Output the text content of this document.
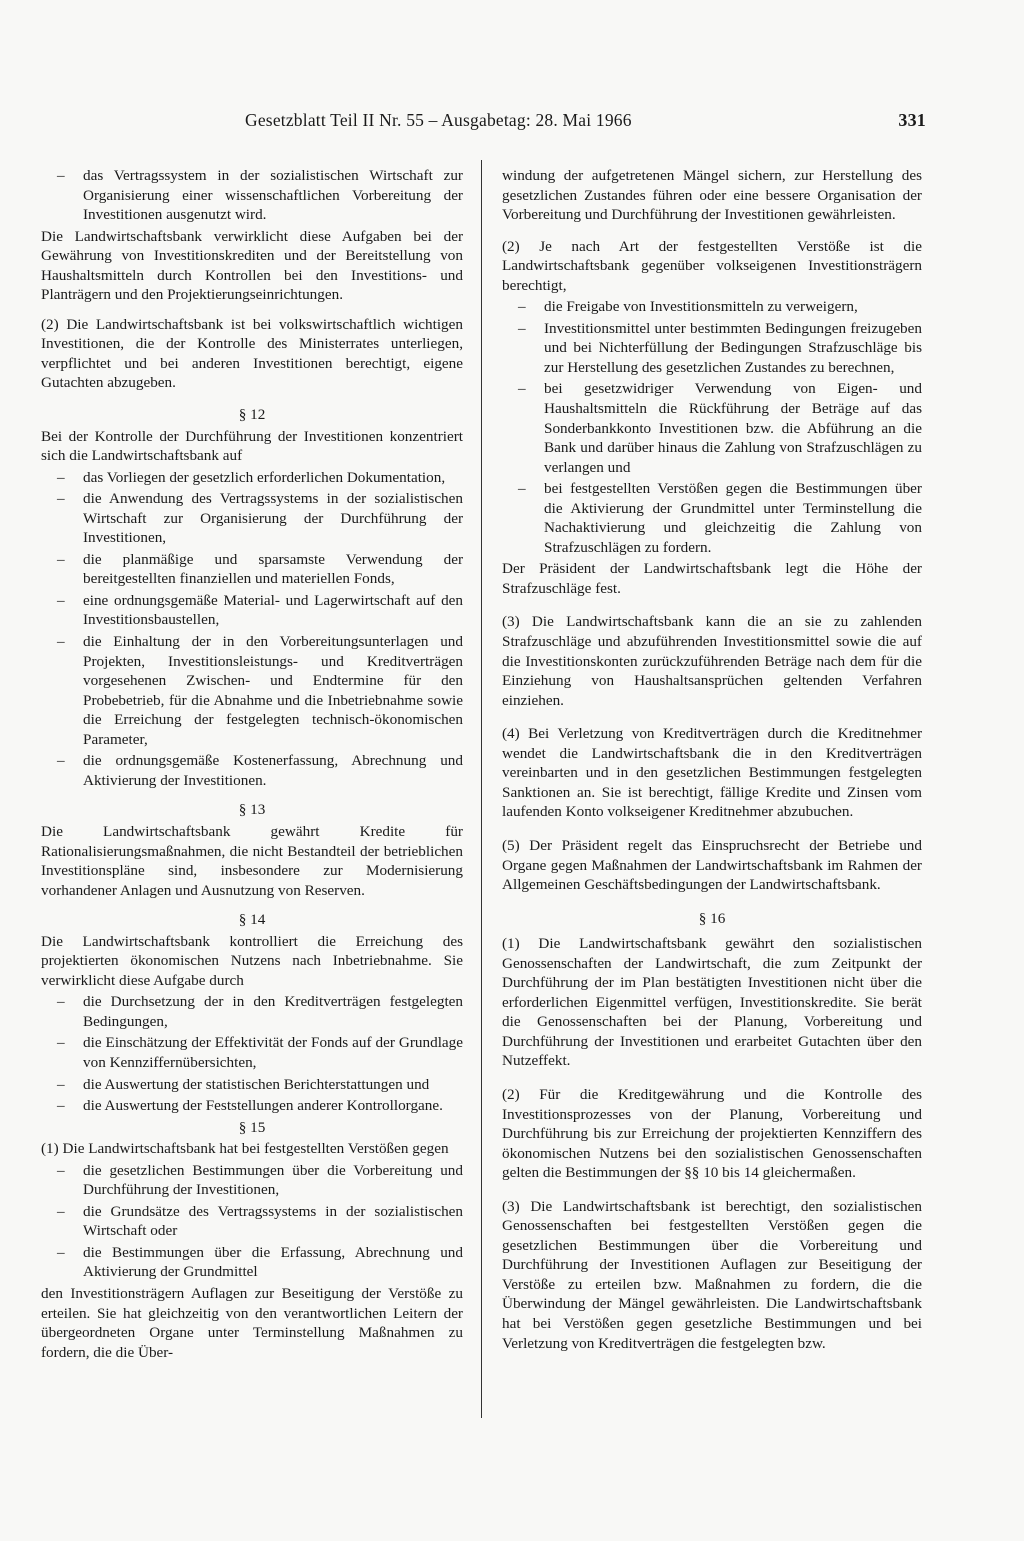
Gesetzblatt Teil II Nr. 55 – Ausgabetag: 28. Mai 1966	331
– das Vertragssystem in der sozialistischen Wirtschaft zur Organisierung einer wissenschaftlichen Vorbereitung der Investitionen ausgenutzt wird.

Die Landwirtschaftsbank verwirklicht diese Aufgaben bei der Gewährung von Investitionskrediten und der Bereitstellung von Haushaltsmitteln durch Kontrollen bei den Investitions- und Planträgern und den Projektierungseinrichtungen.

(2) Die Landwirtschaftsbank ist bei volkswirtschaftlich wichtigen Investitionen, die der Kontrolle des Ministerrates unterliegen, verpflichtet und bei anderen Investitionen berechtigt, eigene Gutachten abzugeben.

§ 12

Bei der Kontrolle der Durchführung der Investitionen konzentriert sich die Landwirtschaftsbank auf

– das Vorliegen der gesetzlich erforderlichen Dokumentation,
– die Anwendung des Vertragssystems in der sozialistischen Wirtschaft zur Organisierung der Durchführung der Investitionen,
– die planmäßige und sparsamste Verwendung der bereitgestellten finanziellen und materiellen Fonds,
– eine ordnungsgemäße Material- und Lagerwirtschaft auf den Investitionsbaustellen,
– die Einhaltung der in den Vorbereitungsunterlagen und Projekten, Investitionsleistungs- und Kreditverträgen vorgesehenen Zwischen- und Endtermine für den Probebetrieb, für die Abnahme und die Inbetriebnahme sowie die Erreichung der festgelegten technisch-ökonomischen Parameter,
– die ordnungsgemäße Kostenerfassung, Abrechnung und Aktivierung der Investitionen.
§ 13

Die Landwirtschaftsbank gewährt Kredite für Rationalisierungsmaßnahmen, die nicht Bestandteil der betrieblichen Investitionspläne sind, insbesondere zur Modernisierung vorhandener Anlagen und Ausnutzung von Reserven.

§ 14

Die Landwirtschaftsbank kontrolliert die Erreichung des projektierten ökonomischen Nutzens nach Inbetriebnahme. Sie verwirklicht diese Aufgabe durch

– die Durchsetzung der in den Kreditverträgen festgelegten Bedingungen,
– die Einschätzung der Effektivität der Fonds auf der Grundlage von Kennziffernübersichten,
– die Auswertung der statistischen Berichterstattungen und
– die Auswertung der Feststellungen anderer Kontrollorgane.
§ 15

(1) Die Landwirtschaftsbank hat bei festgestellten Verstößen gegen

– die gesetzlichen Bestimmungen über die Vorbereitung und Durchführung der Investitionen,
– die Grundsätze des Vertragssystems in der sozialistischen Wirtschaft oder
– die Bestimmungen über die Erfassung, Abrechnung und Aktivierung der Grundmittel

den Investitionsträgern Auflagen zur Beseitigung der Verstöße zu erteilen. Sie hat gleichzeitig von den verantwortlichen Leitern der übergeordneten Organe unter Terminstellung Maßnahmen zu fordern, die die Über-

windung der aufgetretenen Mängel sichern, zur Herstellung des gesetzlichen Zustandes führen oder eine bessere Organisation der Vorbereitung und Durchführung der Investitionen gewährleisten.

(2) Je nach Art der festgestellten Verstöße ist die Landwirtschaftsbank gegenüber volkseigenen Investitionsträgern berechtigt,

– die Freigabe von Investitionsmitteln zu verweigern,
– Investitionsmittel unter bestimmten Bedingungen freizugeben und bei Nichterfüllung der Bedingungen Strafzuschläge bis zur Herstellung des gesetzlichen Zustandes zu berechnen,
– bei gesetzwidriger Verwendung von Eigen- und Haushaltsmitteln die Rückführung der Beträge auf das Sonderbankkonto Investitionen bzw. die Abführung an die Bank und darüber hinaus die Zahlung von Strafzuschlägen zu verlangen und
– bei festgestellten Verstößen gegen die Bestimmungen über die Aktivierung der Grundmittel unter Terminstellung die Nachaktivierung und gleichzeitig die Zahlung von Strafzuschlägen zu fordern.

Der Präsident der Landwirtschaftsbank legt die Höhe der Strafzuschläge fest.

(3) Die Landwirtschaftsbank kann die an sie zu zahlenden Strafzuschläge und abzuführenden Investitionsmittel sowie die auf die Investitionskonten zurückzuführenden Beträge nach dem für die Einziehung von Haushaltsansprüchen geltenden Verfahren einziehen.

(4) Bei Verletzung von Kreditverträgen durch die Kreditnehmer wendet die Landwirtschaftsbank die in den Kreditverträgen vereinbarten und in den gesetzlichen Bestimmungen festgelegten Sanktionen an. Sie ist berechtigt, fällige Kredite und Zinsen vom laufenden Konto volkseigener Kreditnehmer abzubuchen.

(5) Der Präsident regelt das Einspruchsrecht der Betriebe und Organe gegen Maßnahmen der Landwirtschaftsbank im Rahmen der Allgemeinen Geschäftsbedingungen der Landwirtschaftsbank.

§ 16

(1) Die Landwirtschaftsbank gewährt den sozialistischen Genossenschaften der Landwirtschaft, die zum Zeitpunkt der Durchführung der im Plan bestätigten Investitionen nicht über die erforderlichen Eigenmittel verfügen, Investitionskredite. Sie berät die Genossenschaften bei der Planung, Vorbereitung und Durchführung der Investitionen und erarbeitet Gutachten über den Nutzeffekt.

(2) Für die Kreditgewährung und die Kontrolle des Investitionsprozesses von der Planung, Vorbereitung und Durchführung bis zur Erreichung der projektierten Kennziffern des ökonomischen Nutzens bei den sozialistischen Genossenschaften gelten die Bestimmungen der §§ 10 bis 14 gleichermaßen.

(3) Die Landwirtschaftsbank ist berechtigt, den sozialistischen Genossenschaften bei festgestellten Verstößen gegen die gesetzlichen Bestimmungen über die Vorbereitung und Durchführung der Investitionen Auflagen zur Beseitigung der Verstöße zu erteilen bzw. Maßnahmen zu fordern, die die Überwindung der Mängel gewährleisten. Die Landwirtschaftsbank hat bei Verstößen gegen gesetzliche Bestimmungen und bei Verletzung von Kreditverträgen die festgelegten bzw.
